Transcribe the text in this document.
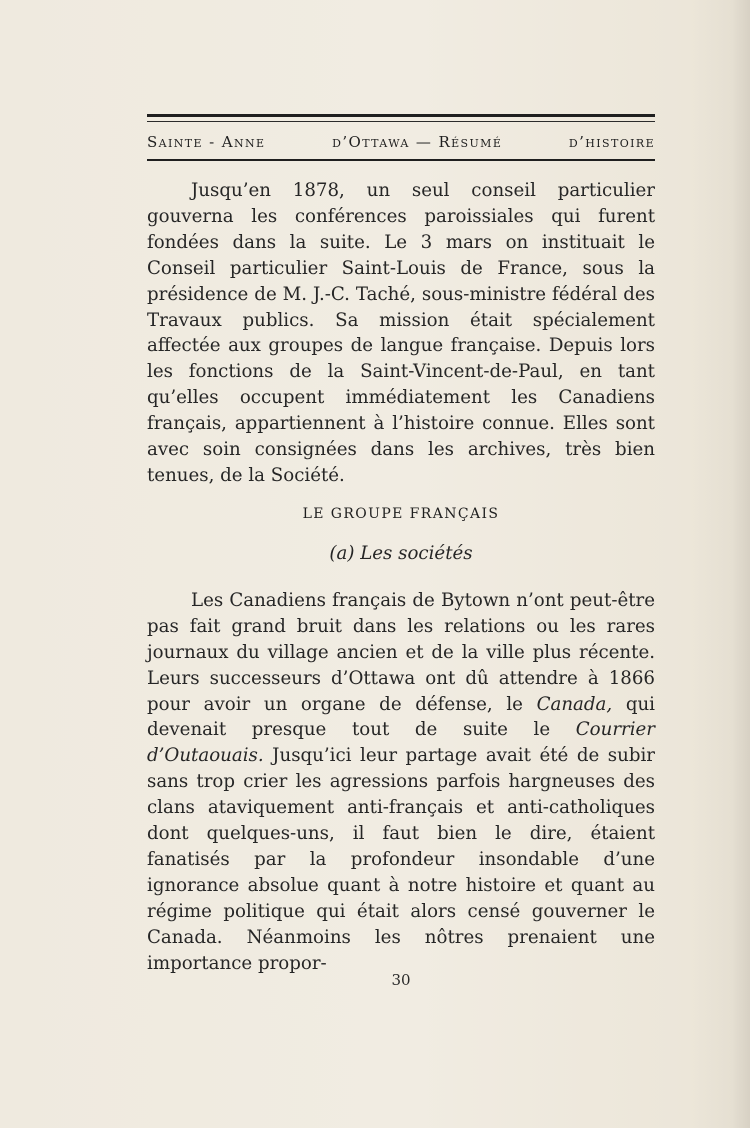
Sainte - Anne	d’Ottawa — Résumé	d’histoire

Jusqu’en 1878, un seul conseil particulier gouverna les conférences paroissiales qui furent fondées dans la suite. Le 3 mars on instituait le Conseil particulier Saint-Louis de France, sous la présidence de M. J.-C. Taché, sous-ministre fédéral des Travaux publics. Sa mission était spécialement affectée aux groupes de langue française. Depuis lors les fonctions de la Saint-Vincent-de-Paul, en tant qu’elles occupent immédiatement les Canadiens français, appartiennent à l’histoire connue. Elles sont avec soin consignées dans les archives, très bien tenues, de la Société.

LE GROUPE FRANÇAIS
(a) Les sociétés

Les Canadiens français de Bytown n’ont peut-être pas fait grand bruit dans les relations ou les rares journaux du village ancien et de la ville plus récente. Leurs successeurs d’Ottawa ont dû attendre à 1866 pour avoir un organe de défense, le Canada, qui devenait presque tout de suite le Courrier d’Outaouais. Jusqu’ici leur partage avait été de subir sans trop crier les agressions parfois hargneuses des clans ataviquement anti-français et anti-catholiques dont quelques-uns, il faut bien le dire, étaient fanatisés par la profondeur insondable d’une ignorance absolue quant à notre histoire et quant au régime politique qui était alors censé gouverner le Canada. Néanmoins les nôtres prenaient une importance propor-

30
